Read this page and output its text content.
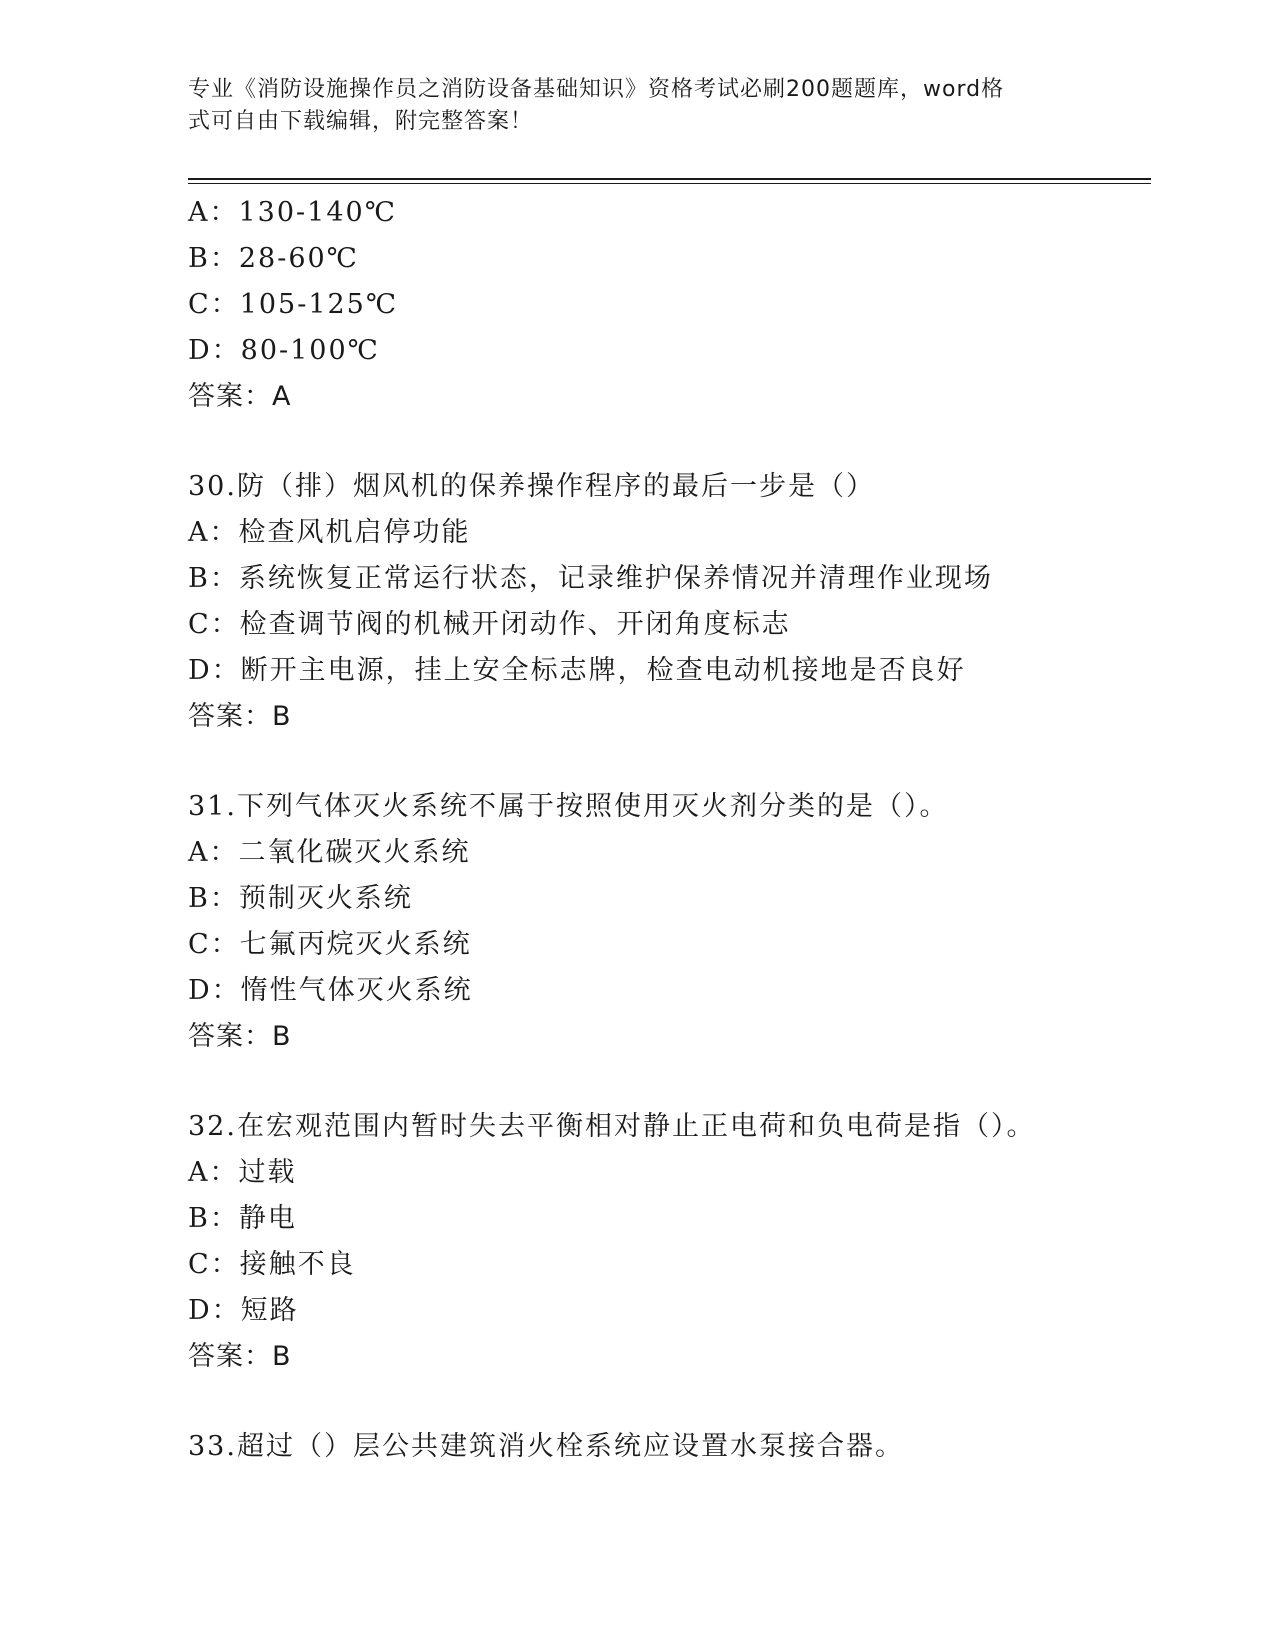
专业《消防设施操作员之消防设备基础知识》资格考试必刷200题题库，word格
式可自由下载编辑，附完整答案！
A：130-140℃
B：28-60℃
C：105-125℃
D：80-100℃
答案：A
30.防（排）烟风机的保养操作程序的最后一步是（）
A：检查风机启停功能
B：系统恢复正常运行状态，记录维护保养情况并清理作业现场
C：检查调节阀的机械开闭动作、开闭角度标志
D：断开主电源，挂上安全标志牌，检查电动机接地是否良好
答案：B
31.下列气体灭火系统不属于按照使用灭火剂分类的是（）。
A：二氧化碳灭火系统
B：预制灭火系统
C：七氟丙烷灭火系统
D：惰性气体灭火系统
答案：B
32.在宏观范围内暂时失去平衡相对静止正电荷和负电荷是指（）。
A：过载
B：静电
C：接触不良
D：短路
答案：B
33.超过（）层公共建筑消火栓系统应设置水泵接合器。
